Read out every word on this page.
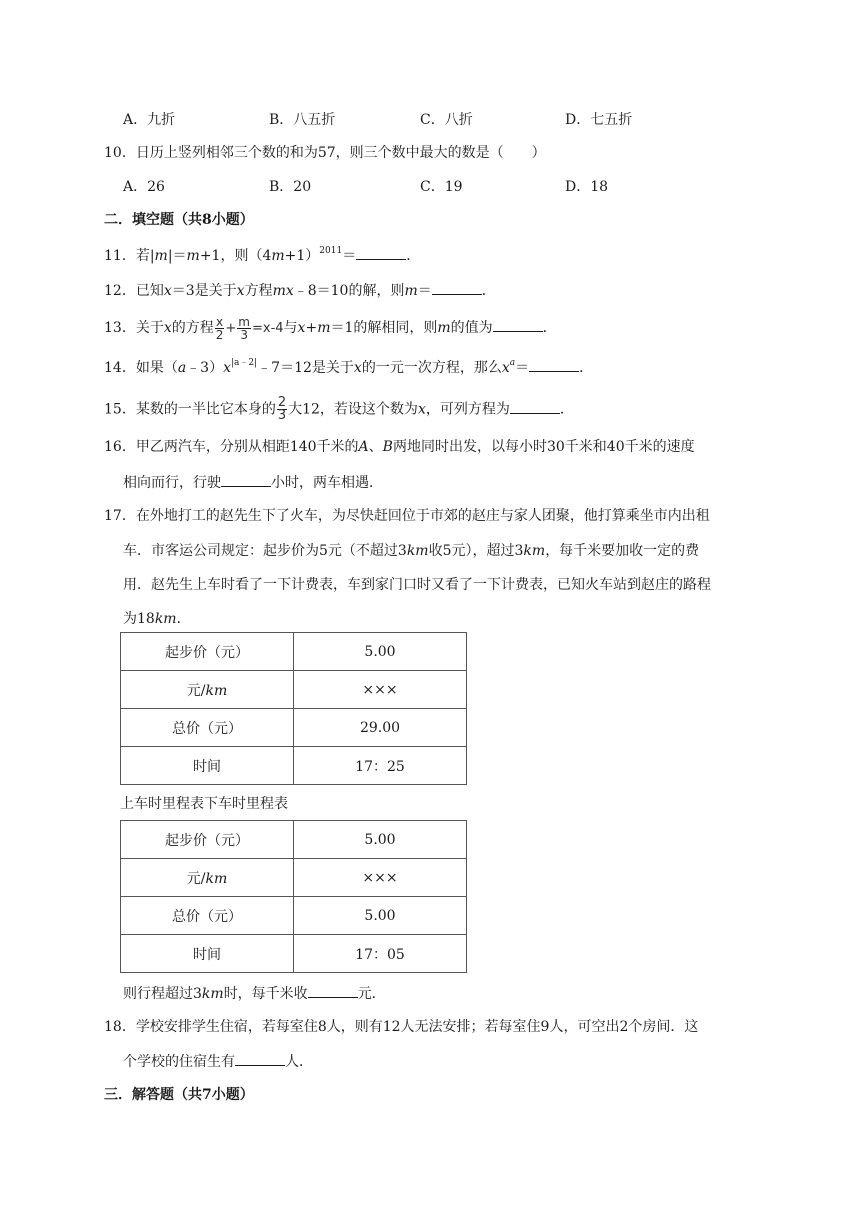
A．九折	B．八五折	C．八折	D．七五折
10．日历上竖列相邻三个数的和为57，则三个数中最大的数是（　　）
A．26	B．20	C．19	D．18
二．填空题（共8小题）
11．若|m|＝m+1，则$(4m+1)^{2011}=$	．
12．已知x＝3是关于x方程mx﹣8＝10的解，则m＝	．
13．关于x的方程 $\frac{x}{2} + \frac{m}{3} =x-4$与x+m＝1的解相同，则m的值为	．
14．如果$(a﹣3)x^{|a﹣2|}﹣7=12$是关于x的一元一次方程，那么$x^a=$	．
15．某数的一半比它本身的 $\frac{2}{3}$ 大12，若设这个数为x，可列方程为	．
16．甲乙两汽车，分别从相距140千米的A、B两地同时出发，以每小时30千米和40千米的速度
相向而行，行驶	小时，两车相遇．
17．在外地打工的赵先生下了火车，为尽快赶回位于市郊的赵庄与家人团聚，他打算乘坐市内出租
车．市客运公司规定：起步价为5元（不超过3km收5元），超过3km，每千米要加收一定的费
用．赵先生上车时看了一下计费表，车到家门口时又看了一下计费表，已知火车站到赵庄的路程
为18km．
起步价（元）	5.00
元/km	×××
总价（元）	29.00
时间	17：25
上车时里程表下车时里程表
起步价（元）	5.00
元/km	×××
总价（元）	5.00
时间	17：05
则行程超过3km时，每千米收	元．
18．学校安排学生住宿，若每室住8人，则有12人无法安排；若每室住9人，可空出2个房间．这
个学校的住宿生有	人．
三．解答题（共7小题）
